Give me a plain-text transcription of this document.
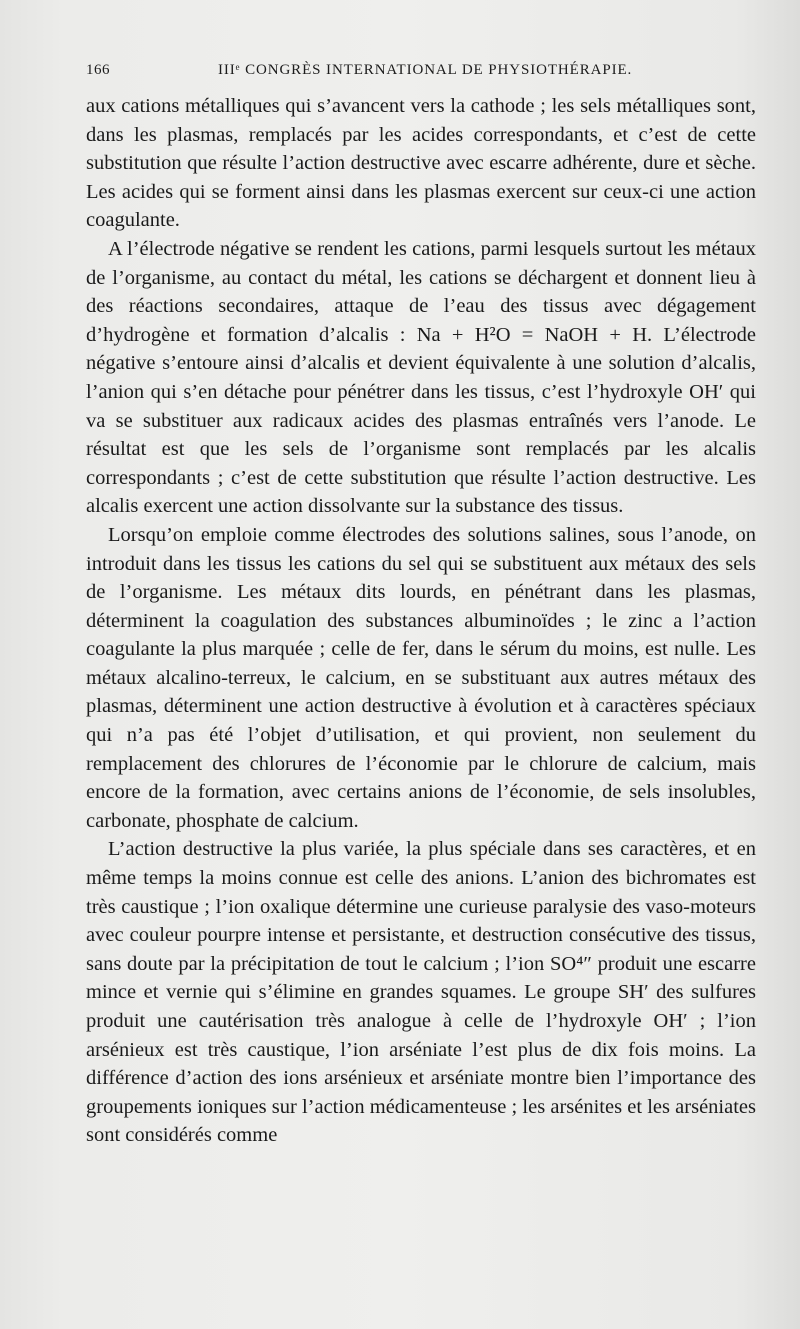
166	IIIᵉ CONGRÈS INTERNATIONAL DE PHYSIOTHÉRAPIE.

aux cations métalliques qui s’avancent vers la cathode ; les sels métalliques sont, dans les plasmas, remplacés par les acides correspondants, et c’est de cette substitution que résulte l’action destructive avec escarre adhérente, dure et sèche. Les acides qui se forment ainsi dans les plasmas exercent sur ceux-ci une action coagulante.

A l’électrode négative se rendent les cations, parmi lesquels surtout les métaux de l’organisme, au contact du métal, les cations se déchargent et donnent lieu à des réactions secondaires, attaque de l’eau des tissus avec dégagement d’hydrogène et formation d’alcalis : Na + H²O = NaOH + H. L’électrode négative s’entoure ainsi d’alcalis et devient équivalente à une solution d’alcalis, l’anion qui s’en détache pour pénétrer dans les tissus, c’est l’hydroxyle OH′ qui va se substituer aux radicaux acides des plasmas entraînés vers l’anode. Le résultat est que les sels de l’organisme sont remplacés par les alcalis correspondants ; c’est de cette substitution que résulte l’action destructive. Les alcalis exercent une action dissolvante sur la substance des tissus.

Lorsqu’on emploie comme électrodes des solutions salines, sous l’anode, on introduit dans les tissus les cations du sel qui se substituent aux métaux des sels de l’organisme. Les métaux dits lourds, en pénétrant dans les plasmas, déterminent la coagulation des substances albuminoïdes ; le zinc a l’action coagulante la plus marquée ; celle de fer, dans le sérum du moins, est nulle. Les métaux alcalino-terreux, le calcium, en se substituant aux autres métaux des plasmas, déterminent une action destructive à évolution et à caractères spéciaux qui n’a pas été l’objet d’utilisation, et qui provient, non seulement du remplacement des chlorures de l’économie par le chlorure de calcium, mais encore de la formation, avec certains anions de l’économie, de sels insolubles, carbonate, phosphate de calcium.

L’action destructive la plus variée, la plus spéciale dans ses caractères, et en même temps la moins connue est celle des anions. L’anion des bichromates est très caustique ; l’ion oxalique détermine une curieuse paralysie des vaso-moteurs avec couleur pourpre intense et persistante, et destruction consécutive des tissus, sans doute par la précipitation de tout le calcium ; l’ion SO⁴″ produit une escarre mince et vernie qui s’élimine en grandes squames. Le groupe SH′ des sulfures produit une cautérisation très analogue à celle de l’hydroxyle OH′ ; l’ion arsénieux est très caustique, l’ion arséniate l’est plus de dix fois moins. La différence d’action des ions arsénieux et arséniate montre bien l’importance des groupements ioniques sur l’action médicamenteuse ; les arsénites et les arséniates sont considérés comme
